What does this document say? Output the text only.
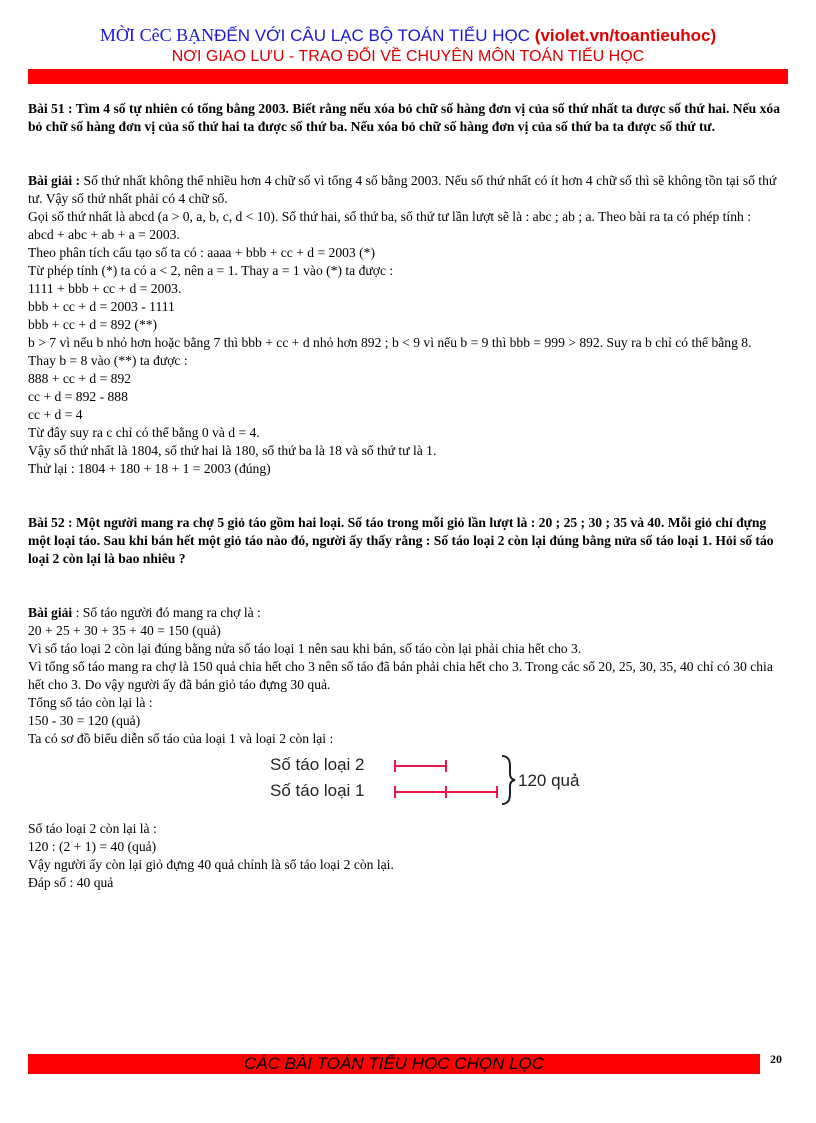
MỜI CêC BẠNĐẾN VỚI CÂU LẠC BỘ TOÁN TIỂU HỌC (violet.vn/toantieuhoc)
NƠI GIAO LƯU - TRAO ĐỔI VỀ CHUYÊN MÔN TOÁN TIỂU HỌC

Bài 51 : Tìm 4 số tự nhiên có tổng bằng 2003. Biết rằng nếu xóa bỏ chữ số hàng đơn vị của số thứ nhất ta được số thứ hai. Nếu xóa bỏ chữ số hàng đơn vị của số thứ hai ta được số thứ ba. Nếu xóa bỏ chữ số hàng đơn vị của số thứ ba ta được số thứ tư.

Bài giải : Số thứ nhất không thể nhiều hơn 4 chữ số vì tổng 4 số bằng 2003. Nếu số thứ nhất có ít hơn 4 chữ số thì sẽ không tồn tại số thứ tư. Vậy số thứ nhất phải có 4 chữ số.

Gọi số thứ nhất là abcd (a > 0, a, b, c, d < 10). Số thứ hai, số thứ ba, số thứ tư lần lượt sẽ là : abc ; ab ; a. Theo bài ra ta có phép tính :

abcd + abc + ab + a = 2003.

Theo phân tích cấu tạo số ta có : aaaa + bbb + cc + d = 2003 (*)

Từ phép tính (*) ta có a < 2, nên a = 1. Thay a = 1 vào (*) ta được :

1111 + bbb + cc + d = 2003.

bbb + cc + d = 2003 - 1111

bbb + cc + d = 892 (**)

b > 7 vì nếu b nhỏ hơn hoặc bằng 7 thì bbb + cc + d nhỏ hơn 892 ; b < 9 vì nếu b = 9 thì bbb = 999 > 892. Suy ra b chỉ có thể bằng 8.

Thay b = 8 vào (**) ta được :

888 + cc + d = 892

cc + d = 892 - 888

cc + d = 4

Từ đây suy ra c chỉ có thể bằng 0 và d = 4.

Vậy số thứ nhất là 1804, số thứ hai là 180, số thứ ba là 18 và số thứ tư là 1.

Thử lại : 1804 + 180 + 18 + 1 = 2003 (đúng)

Bài 52 : Một người mang ra chợ 5 giỏ táo gồm hai loại. Số táo trong mỗi giỏ lần lượt là : 20 ; 25 ; 30 ; 35 và 40. Mỗi giỏ chỉ đựng một loại táo. Sau khi bán hết một giỏ táo nào đó, người ấy thấy rằng : Số táo loại 2 còn lại đúng bằng nửa số táo loại 1. Hỏi số táo loại 2 còn lại là bao nhiêu ?

Bài giải : Số táo người đó mang ra chợ là :

20 + 25 + 30 + 35 + 40 = 150 (quả)

Vì số táo loại 2 còn lại đúng bằng nửa số táo loại 1 nên sau khi bán, số táo còn lại phải chia hết cho 3.

Vì tổng số táo mang ra chợ là 150 quả chia hết cho 3 nên số táo đã bán phải chia hết cho 3. Trong các số 20, 25, 30, 35, 40 chỉ có 30 chia hết cho 3. Do vậy người ấy đã bán giỏ táo đựng 30 quả.

Tổng số táo còn lại là :

150 - 30 = 120 (quả)

Ta có sơ đồ biểu diễn số táo của loại 1 và loại 2 còn lại :

Số táo loại 2
Số táo loại 1
120 quả

Số táo loại 2 còn lại là :

120 : (2 + 1) = 40 (quả)

Vậy người ấy còn lại giỏ đựng 40 quả chính là số táo loại 2 còn lại.

Đáp số : 40 quả

CÁC BÀI TOÁN TIỂU HỌC CHỌN LỌC	20
